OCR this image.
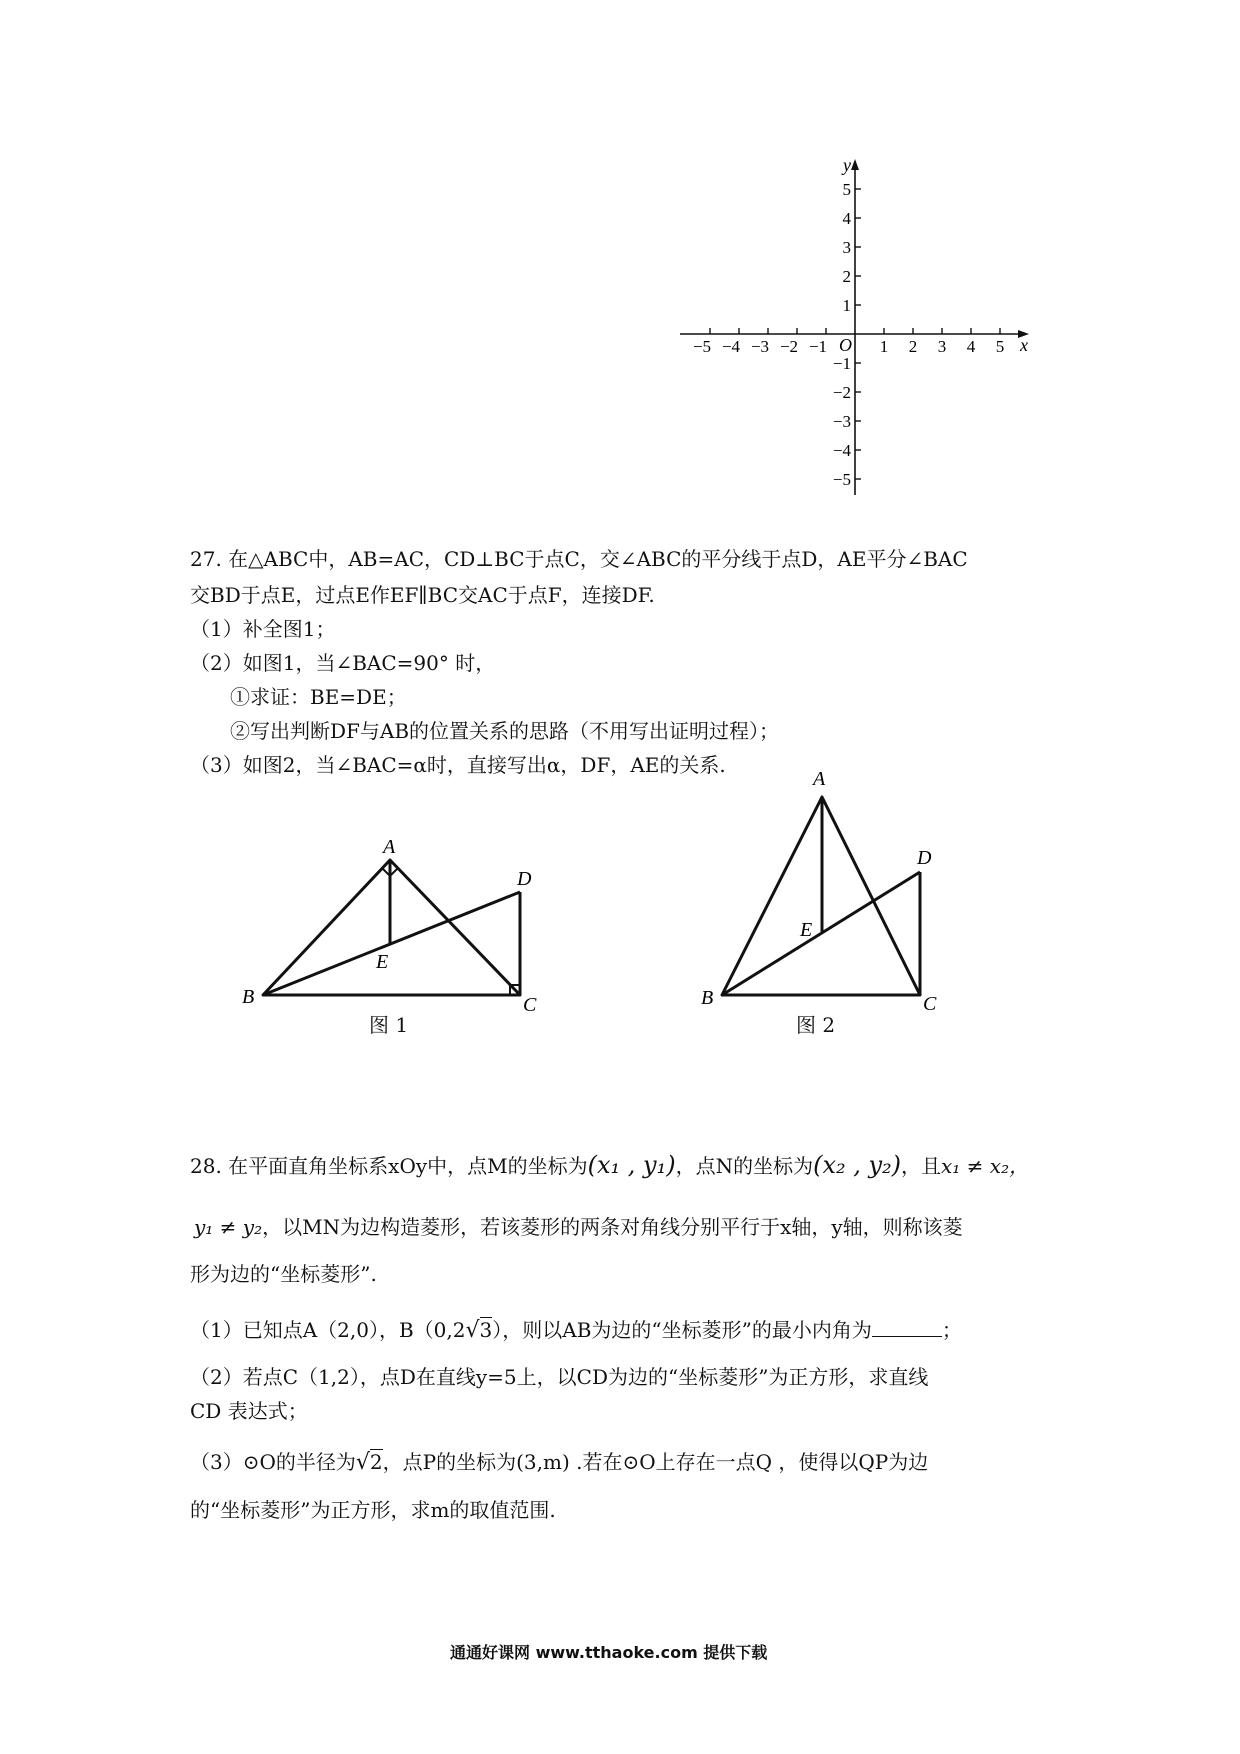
x
y
O
−5 −4 −3 −2 −1	1 2 3 4 5
5
4
3
2
1
−1
−2
−3
−4
−5
27. 在△ABC中，AB=AC，CD⊥BC于点C，交∠ABC的平分线于点D，AE平分∠BAC
交BD于点E，过点E作EF∥BC交AC于点F，连接DF.
（1）补全图1；
（2）如图1，当∠BAC=90° 时，
①求证：BE=DE；
②写出判断DF与AB的位置关系的思路（不用写出证明过程）；
（3）如图2，当∠BAC=α时，直接写出α，DF，AE的关系.
A
B	C
D
E
图 1
A
B	C
D
E
图 2
28. 在平面直角坐标系xOy中，点M的坐标为(x₁ , y₁)，点N的坐标为(x₂ , y₂)，且x₁ ≠ x₂，
y₁ ≠ y₂，以MN为边构造菱形，若该菱形的两条对角线分别平行于x轴，y轴，则称该菱
形为边的“坐标菱形”.
（1）已知点A（2,0），B（0,2√3），则以AB为边的“坐标菱形”的最小内角为	；
（2）若点C（1,2），点D在直线y=5上，以CD为边的“坐标菱形”为正方形，求直线
CD 表达式；
（3）⊙O的半径为√2，点P的坐标为(3,m) .若在⊙O上存在一点Q ，使得以QP为边
的“坐标菱形”为正方形，求m的取值范围.
通通好课网 www.tthaoke.com 提供下载
